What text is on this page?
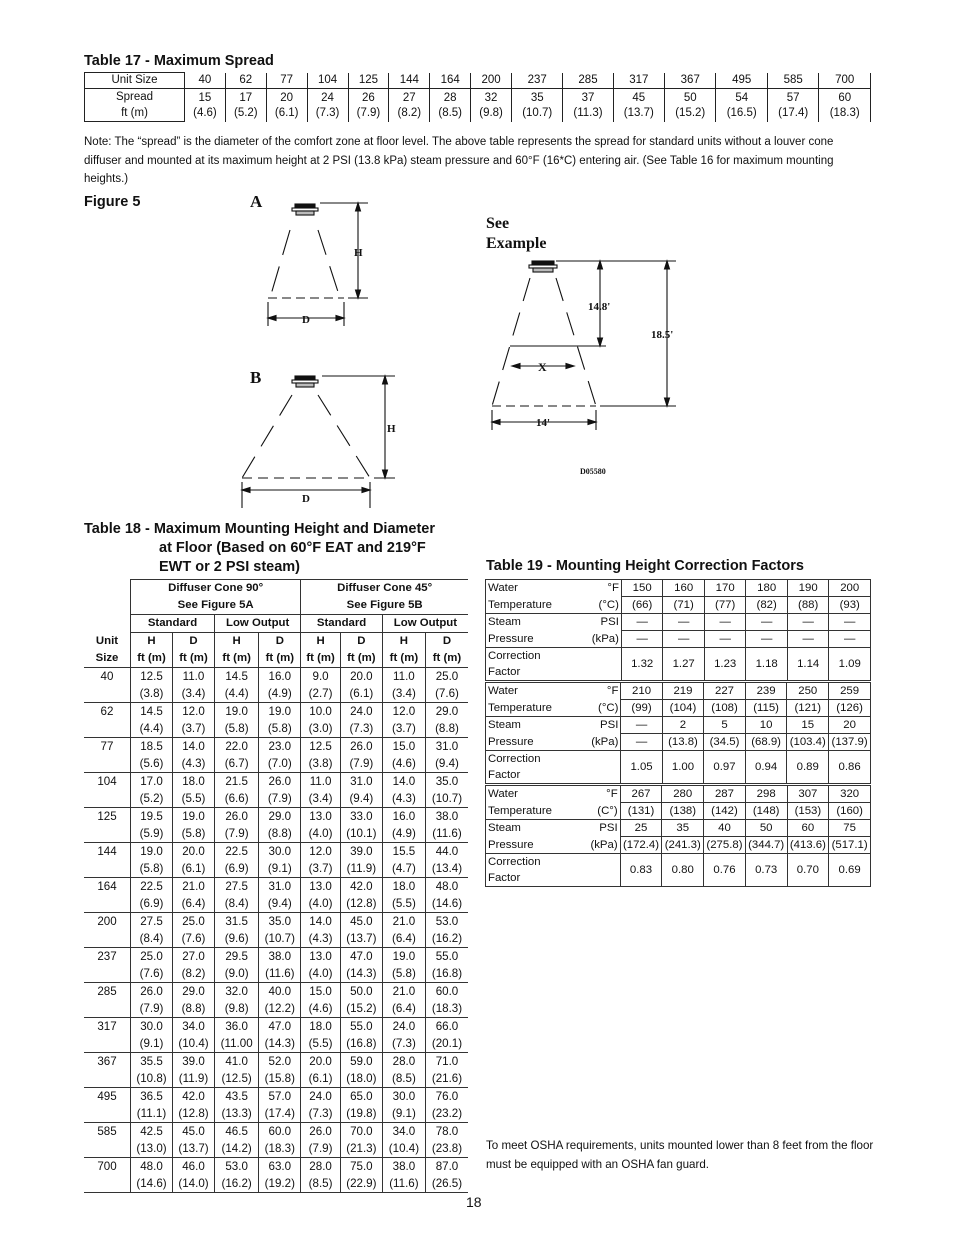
Table 17 - Maximum Spread
Unit Size	40	62	77	104	125	144	164	200	237	285	317	367	495	585	700
Spread	15	17	20	24	26	27	28	32	35	37	45	50	54	57	60
ft (m)	(4.6)	(5.2)	(6.1)	(7.3)	(7.9)	(8.2)	(8.5)	(9.8)	(10.7)	(11.3)	(13.7)	(15.2)	(16.5)	(17.4)	(18.3)
Note: The “spread” is the diameter of the comfort zone at floor level. The above table represents the spread for standard units without a louver cone diffuser and mounted at its maximum height at 2 PSI (13.8 kPa) steam pressure and 60°F (16*C) entering air. (See Table 16 for maximum mounting heights.)
Figure 5	A
H
D
B
H
D
See
Example
14.8'
18.5'
X
14'
D05580
Table 18 - Maximum Mounting Height and Diameter
at Floor (Based on 60°F EAT and 219°F
EWT or 2 PSI steam)
	Diffuser Cone 90°				Diffuser Cone 45°			
	See Figure 5A				See Figure 5B			
	Standard		Low Output		Standard		Low Output	
Unit	H	D	H	D	H	D	H	D
Size	ft (m)	ft (m)	ft (m)	ft (m)	ft (m)	ft (m)	ft (m)	ft (m)
40	12.5	11.0	14.5	16.0	9.0	20.0	11.0	25.0
	(3.8)	(3.4)	(4.4)	(4.9)	(2.7)	(6.1)	(3.4)	(7.6)
62	14.5	12.0	19.0	19.0	10.0	24.0	12.0	29.0
	(4.4)	(3.7)	(5.8)	(5.8)	(3.0)	(7.3)	(3.7)	(8.8)
77	18.5	14.0	22.0	23.0	12.5	26.0	15.0	31.0
	(5.6)	(4.3)	(6.7)	(7.0)	(3.8)	(7.9)	(4.6)	(9.4)
104	17.0	18.0	21.5	26.0	11.0	31.0	14.0	35.0
	(5.2)	(5.5)	(6.6)	(7.9)	(3.4)	(9.4)	(4.3)	(10.7)
125	19.5	19.0	26.0	29.0	13.0	33.0	16.0	38.0
	(5.9)	(5.8)	(7.9)	(8.8)	(4.0)	(10.1)	(4.9)	(11.6)
144	19.0	20.0	22.5	30.0	12.0	39.0	15.5	44.0
	(5.8)	(6.1)	(6.9)	(9.1)	(3.7)	(11.9)	(4.7)	(13.4)
164	22.5	21.0	27.5	31.0	13.0	42.0	18.0	48.0
	(6.9)	(6.4)	(8.4)	(9.4)	(4.0)	(12.8)	(5.5)	(14.6)
200	27.5	25.0	31.5	35.0	14.0	45.0	21.0	53.0
	(8.4)	(7.6)	(9.6)	(10.7)	(4.3)	(13.7)	(6.4)	(16.2)
237	25.0	27.0	29.5	38.0	13.0	47.0	19.0	55.0
	(7.6)	(8.2)	(9.0)	(11.6)	(4.0)	(14.3)	(5.8)	(16.8)
285	26.0	29.0	32.0	40.0	15.0	50.0	21.0	60.0
	(7.9)	(8.8)	(9.8)	(12.2)	(4.6)	(15.2)	(6.4)	(18.3)
317	30.0	34.0	36.0	47.0	18.0	55.0	24.0	66.0
	(9.1)	(10.4)	(11.00	(14.3)	(5.5)	(16.8)	(7.3)	(20.1)
367	35.5	39.0	41.0	52.0	20.0	59.0	28.0	71.0
	(10.8)	(11.9)	(12.5)	(15.8)	(6.1)	(18.0)	(8.5)	(21.6)
495	36.5	42.0	43.5	57.0	24.0	65.0	30.0	76.0
	(11.1)	(12.8)	(13.3)	(17.4)	(7.3)	(19.8)	(9.1)	(23.2)
585	42.5	45.0	46.5	60.0	26.0	70.0	34.0	78.0
	(13.0)	(13.7)	(14.2)	(18.3)	(7.9)	(21.3)	(10.4)	(23.8)
700	48.0	46.0	53.0	63.0	28.0	75.0	38.0	87.0
	(14.6)	(14.0)	(16.2)	(19.2)	(8.5)	(22.9)	(11.6)	(26.5)
Table 19 - Mounting Height Correction Factors
Water	°F	150	160	170	180	190	200
Temperature	(°C)	(66)	(71)	(77)	(82)	(88)	(93)
Steam	PSI	—	—	—	—	—	—
Pressure	(kPa)	—	—	—	—	—	—
Correction Factor		1.32	1.27	1.23	1.18	1.14	1.09
Water	°F	210	219	227	239	250	259
Temperature	(°C)	(99)	(104)	(108)	(115)	(121)	(126)
Steam	PSI	—	2	5	10	15	20
Pressure	(kPa)	—	(13.8)	(34.5)	(68.9)	(103.4)	(137.9)
Correction Factor		1.05	1.00	0.97	0.94	0.89	0.86
Water	°F	267	280	287	298	307	320
Temperature	(C°)	(131)	(138)	(142)	(148)	(153)	(160)
Steam	PSI	25	35	40	50	60	75
Pressure	(kPa)	(172.4)	(241.3)	(275.8)	(344.7)	(413.6)	(517.1)
Correction Factor		0.83	0.80	0.76	0.73	0.70	0.69
To meet OSHA requirements, units mounted lower than 8 feet from the floor must be equipped with an OSHA fan guard.
18
